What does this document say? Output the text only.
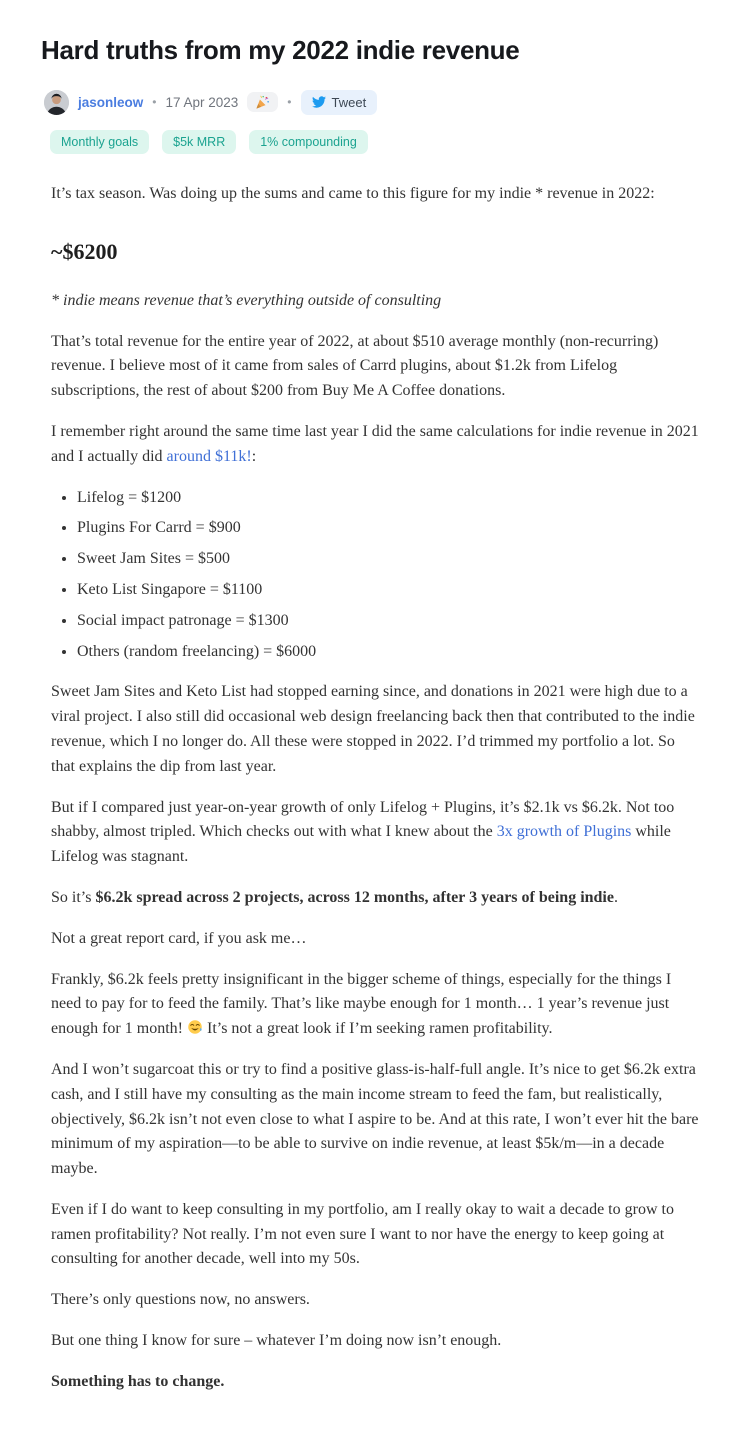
Hard truths from my 2022 indie revenue
jasonleow • 17 Apr 2023	•	Tweet
Monthly goals	$5k MRR	1% compounding

It’s tax season. Was doing up the sums and came to this figure for my indie * revenue in 2022:

~$6200

* indie means revenue that’s everything outside of consulting

That’s total revenue for the entire year of 2022, at about $510 average monthly (non-recurring) revenue. I believe most of it came from sales of Carrd plugins, about $1.2k from Lifelog subscriptions, the rest of about $200 from Buy Me A Coffee donations.

I remember right around the same time last year I did the same calculations for indie revenue in 2021 and I actually did around $11k!:

• Lifelog = $1200
• Plugins For Carrd = $900
• Sweet Jam Sites = $500
• Keto List Singapore = $1100
• Social impact patronage = $1300
• Others (random freelancing) = $6000

Sweet Jam Sites and Keto List had stopped earning since, and donations in 2021 were high due to a viral project. I also still did occasional web design freelancing back then that contributed to the indie revenue, which I no longer do. All these were stopped in 2022. I’d trimmed my portfolio a lot. So that explains the dip from last year.

But if I compared just year-on-year growth of only Lifelog + Plugins, it’s $2.1k vs $6.2k. Not too shabby, almost tripled. Which checks out with what I knew about the 3x growth of Plugins while Lifelog was stagnant.

So it’s $6.2k spread across 2 projects, across 12 months, after 3 years of being indie.

Not a great report card, if you ask me…

Frankly, $6.2k feels pretty insignificant in the bigger scheme of things, especially for the things I need to pay for to feed the family. That’s like maybe enough for 1 month… 1 year’s revenue just enough for 1 month!
It’s not a great look if I’m seeking ramen profitability.

And I won’t sugarcoat this or try to find a positive glass-is-half-full angle. It’s nice to get $6.2k extra cash, and I still have my consulting as the main income stream to feed the fam, but realistically, objectively, $6.2k isn’t not even close to what I aspire to be. And at this rate, I won’t ever hit the bare minimum of my aspiration—to be able to survive on indie revenue, at least $5k/m—in a decade maybe.

Even if I do want to keep consulting in my portfolio, am I really okay to wait a decade to grow to ramen profitability? Not really. I’m not even sure I want to nor have the energy to keep going at consulting for another decade, well into my 50s.

There’s only questions now, no answers.

But one thing I know for sure – whatever I’m doing now isn’t enough.

Something has to change.
